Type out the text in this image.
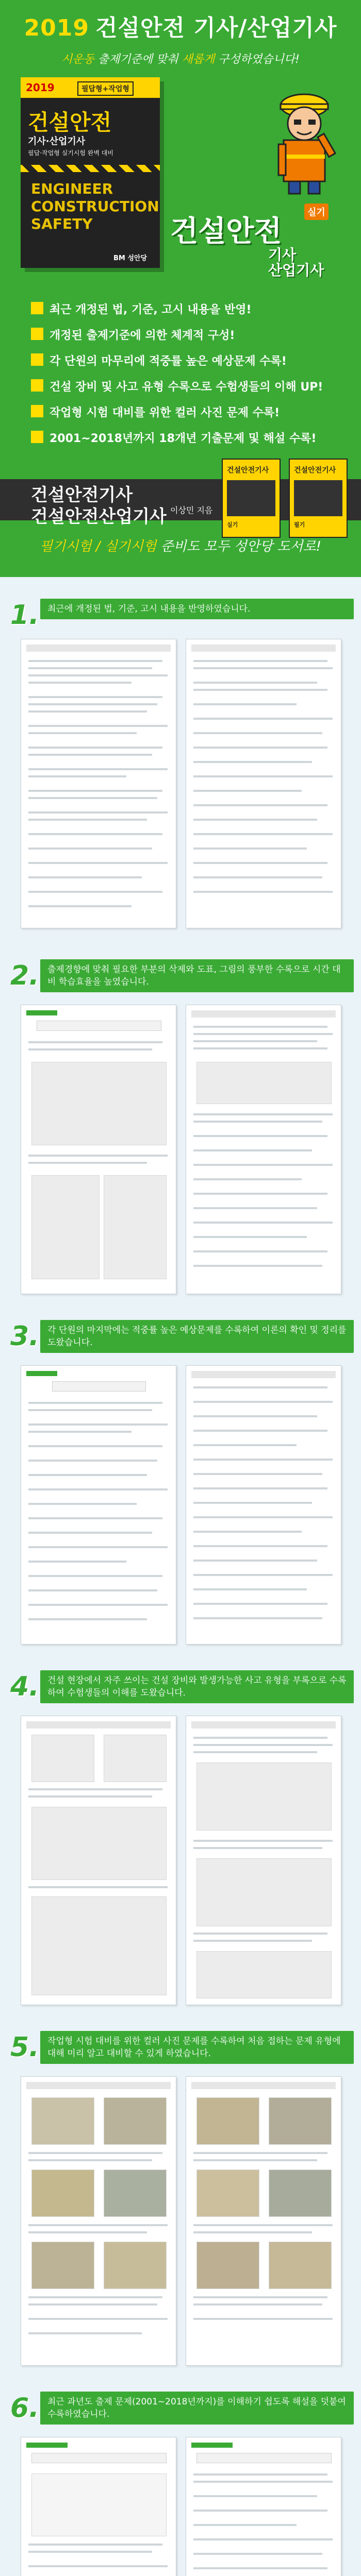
2019 건설안전 기사/산업기사
시운동 출제기준에 맞춰 새롭게 구성하였습니다!
2019	필답형+작업형
건설안전
기사·산업기사
필답·작업형 실기시험 완벽 대비
ENGINEER
CONSTRUCTION
SAFETY
BM 성안당
건설안전
실기
기사
산업기사
최근 개정된 법, 기준, 고시 내용을 반영!
개정된 출제기준에 의한 체계적 구성!
각 단원의 마무리에 적중률 높은 예상문제 수록!
건설 장비 및 사고 유형 수록으로 수험생들의 이해 UP!
작업형 시험 대비를 위한 컬러 사진 문제 수록!
2001~2018년까지 18개년 기출문제 및 해설 수록!
건설안전기사
실기
건설안전기사
필기
건설안전기사
건설안전산업기사 이상민 지음
필기시험 / 실기시험 준비도 모두 성안당 도서로!
1. 최근에 개정된 법, 기준, 고시 내용을 반영하였습니다.
2. 출제경향에 맞춰 필요한 부분의 삭제와 도표, 그림의 풍부한 수록으로 시간 대비 학습효율을 높였습니다.
3. 각 단원의 마지막에는 적중률 높은 예상문제를 수록하여 이론의 확인 및 정리를 도왔습니다.
4. 건설 현장에서 자주 쓰이는 건설 장비와 발생가능한 사고 유형을 부록으로 수록하여 수험생들의 이해를 도왔습니다.
5. 작업형 시험 대비를 위한 컬러 사진 문제를 수록하여 처음 접하는 문제 유형에 대해 미리 알고 대비할 수 있게 하였습니다.
6. 최근 과년도 출제 문제(2001~2018년까지)를 이해하기 쉽도록 해설을 덧붙여 수록하였습니다.
